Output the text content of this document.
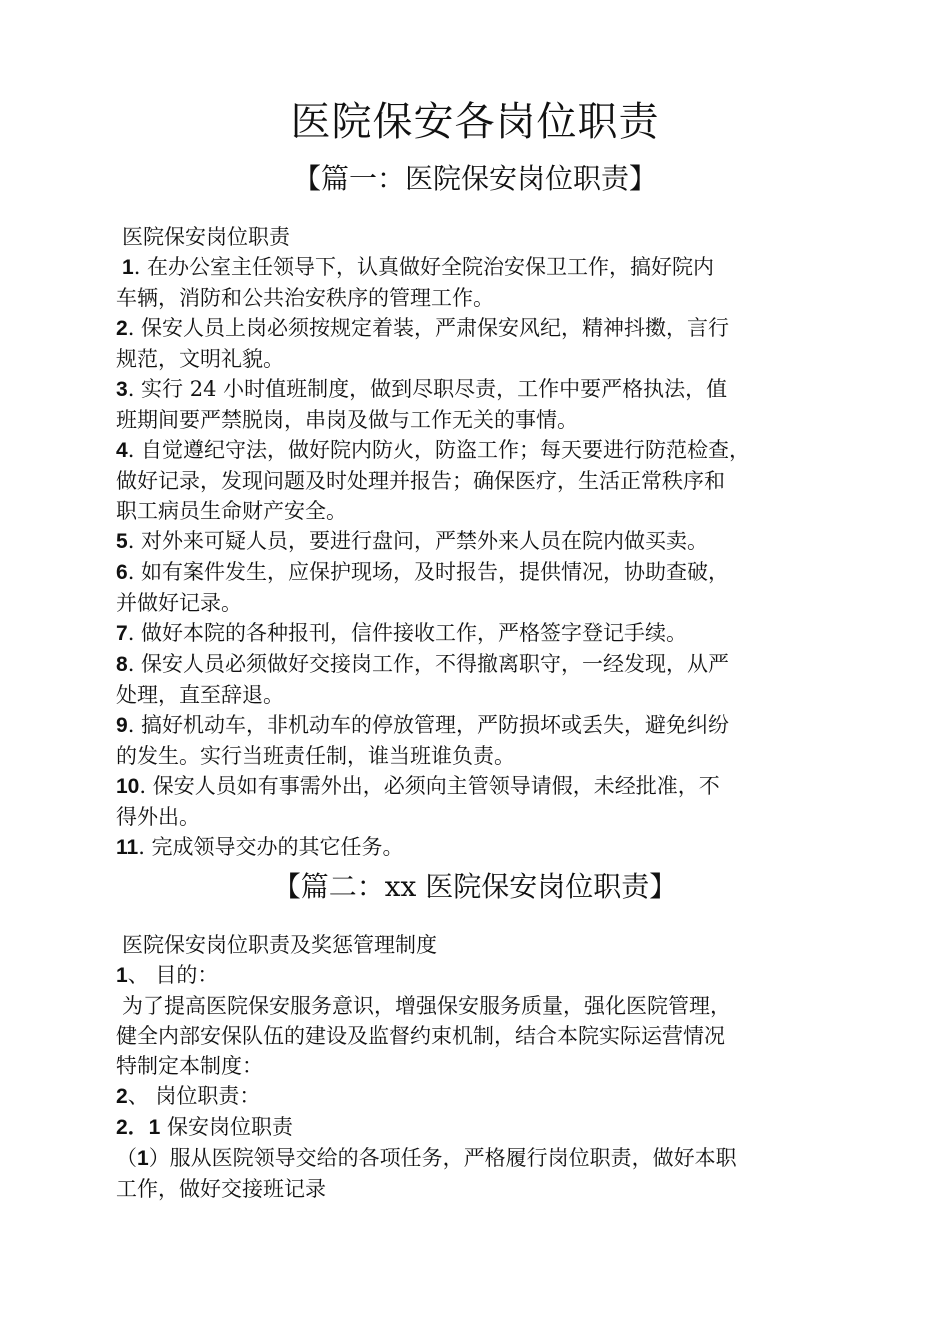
医院保安各岗位职责
【篇一：医院保安岗位职责】

医院保安岗位职责

1. 在办公室主任领导下，认真做好全院治安保卫工作，搞好院内
车辆，消防和公共治安秩序的管理工作。
2. 保安人员上岗必须按规定着装，严肃保安风纪，精神抖擞，言行
规范，文明礼貌。
3. 实行 24 小时值班制度，做到尽职尽责，工作中要严格执法，值
班期间要严禁脱岗，串岗及做与工作无关的事情。
4. 自觉遵纪守法，做好院内防火，防盗工作；每天要进行防范检查，
做好记录，发现问题及时处理并报告；确保医疗，生活正常秩序和
职工病员生命财产安全。
5. 对外来可疑人员，要进行盘问，严禁外来人员在院内做买卖。
6. 如有案件发生，应保护现场，及时报告，提供情况，协助查破，
并做好记录。
7. 做好本院的各种报刊，信件接收工作，严格签字登记手续。
8. 保安人员必须做好交接岗工作，不得撤离职守，一经发现，从严
处理，直至辞退。
9. 搞好机动车，非机动车的停放管理，严防损坏或丢失，避免纠纷
的发生。实行当班责任制，谁当班谁负责。
10. 保安人员如有事需外出，必须向主管领导请假，未经批准，不
得外出。
11. 完成领导交办的其它任务。
【篇二：xx 医院保安岗位职责】

医院保安岗位职责及奖惩管理制度

1、 目的：
为了提高医院保安服务意识，增强保安服务质量，强化医院管理，
健全内部安保队伍的建设及监督约束机制，结合本院实际运营情况
特制定本制度：
2、 岗位职责：
2．1 保安岗位职责
（1）服从医院领导交给的各项任务，严格履行岗位职责，做好本职
工作，做好交接班记录
